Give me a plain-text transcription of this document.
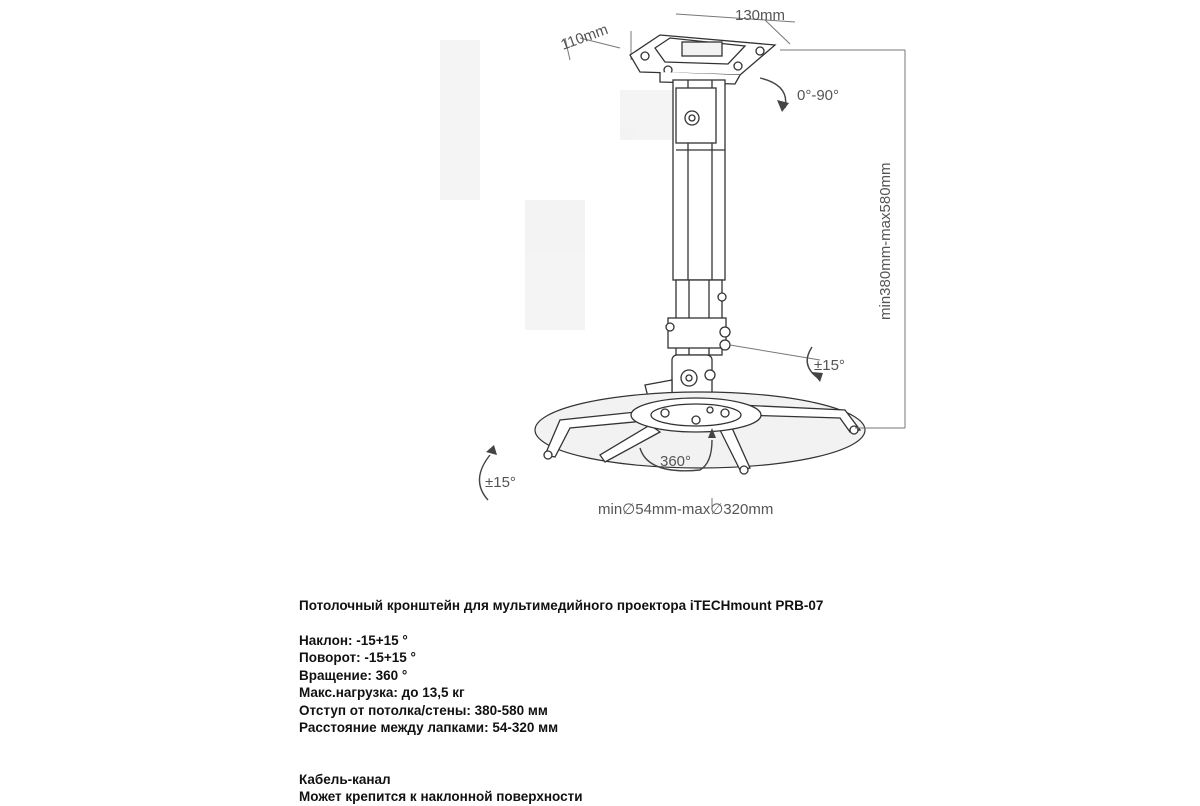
130mm
110mm
0°-90°
min380mm-max580mm
±15°
360°
±15°
min∅54mm-max∅320mm
Потолочный кронштейн для мультимедийного проектора iTECHmount PRB-07
Наклон: -15+15 °
Поворот: -15+15 °
Вращение: 360 °
Макс.нагрузка: до 13,5 кг
Отступ от потолка/стены: 380-580 мм
Расстояние между лапками: 54-320 мм
Кабель-канал
Может крепится к наклонной поверхности
